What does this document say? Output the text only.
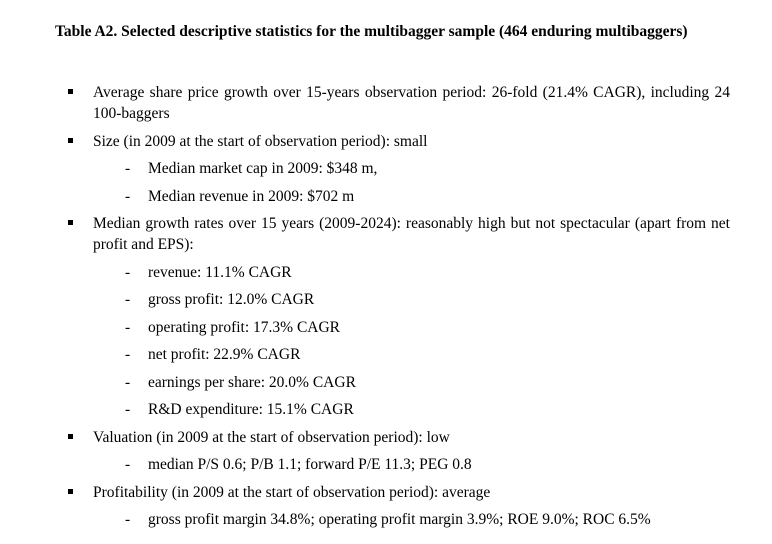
Table A2. Selected descriptive statistics for the multibagger sample (464 enduring multibaggers)
Average share price growth over 15-years observation period: 26-fold (21.4% CAGR), including 24 100-baggers
Size (in 2009 at the start of observation period): small
- Median market cap in 2009: $348 m,
- Median revenue in 2009: $702 m
Median growth rates over 15 years (2009-2024): reasonably high but not spectacular (apart from net profit and EPS):
- revenue: 11.1% CAGR
- gross profit: 12.0% CAGR
- operating profit: 17.3% CAGR
- net profit: 22.9% CAGR
- earnings per share: 20.0% CAGR
- R&D expenditure: 15.1% CAGR
Valuation (in 2009 at the start of observation period): low
- median P/S 0.6; P/B 1.1; forward P/E 11.3; PEG 0.8
Profitability (in 2009 at the start of observation period): average
- gross profit margin 34.8%; operating profit margin 3.9%; ROE 9.0%; ROC 6.5%
